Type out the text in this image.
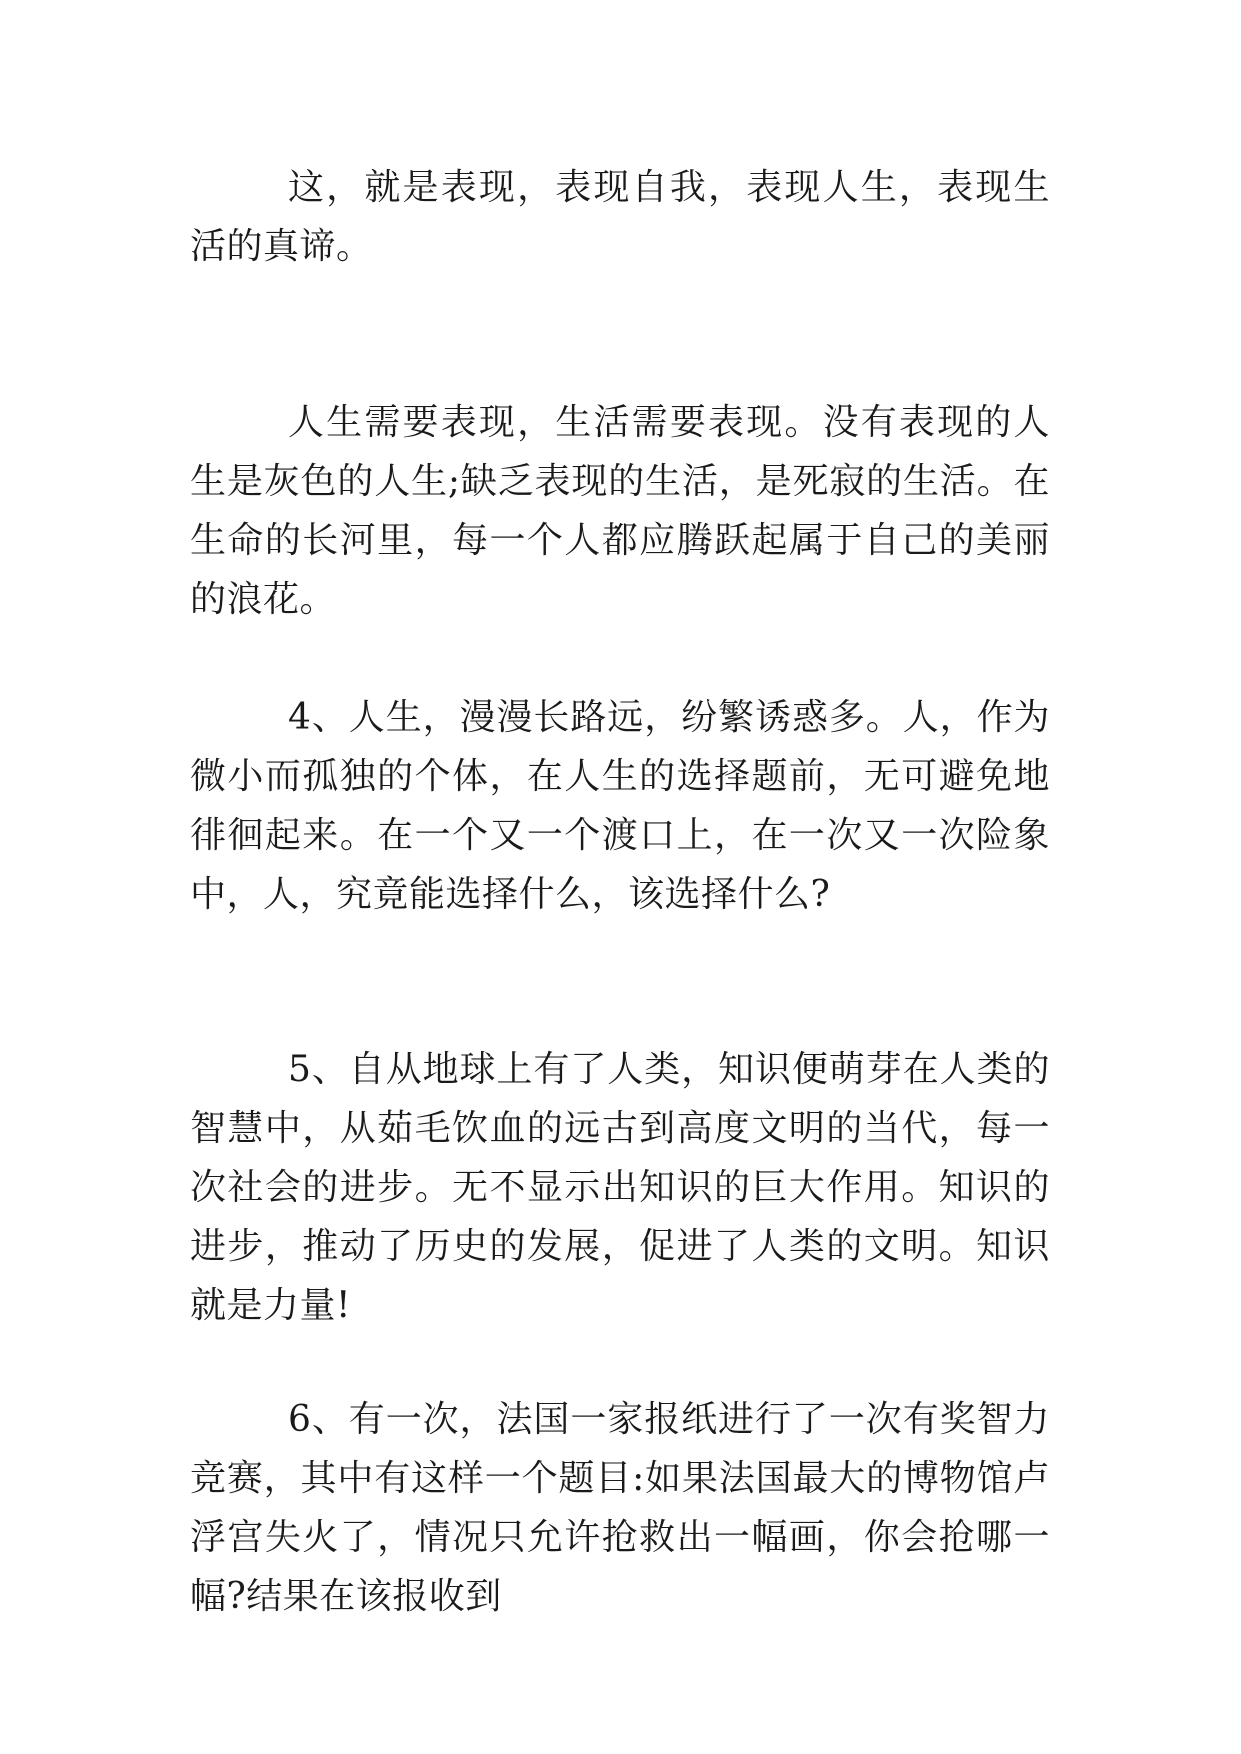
这，就是表现，表现自我，表现人生，表现生活的真谛。

人生需要表现，生活需要表现。没有表现的人生是灰色的人生;缺乏表现的生活，是死寂的生活。在生命的长河里，每一个人都应腾跃起属于自己的美丽的浪花。

4、人生，漫漫长路远，纷繁诱惑多。人，作为微小而孤独的个体，在人生的选择题前，无可避免地徘徊起来。在一个又一个渡口上，在一次又一次险象中，人，究竟能选择什么，该选择什么?

5、自从地球上有了人类，知识便萌芽在人类的智慧中，从茹毛饮血的远古到高度文明的当代，每一次社会的进步。无不显示出知识的巨大作用。知识的进步，推动了历史的发展，促进了人类的文明。知识就是力量!

6、有一次，法国一家报纸进行了一次有奖智力竞赛，其中有这样一个题目:如果法国最大的博物馆卢浮宫失火了，情况只允许抢救出一幅画，你会抢哪一幅?结果在该报收到
